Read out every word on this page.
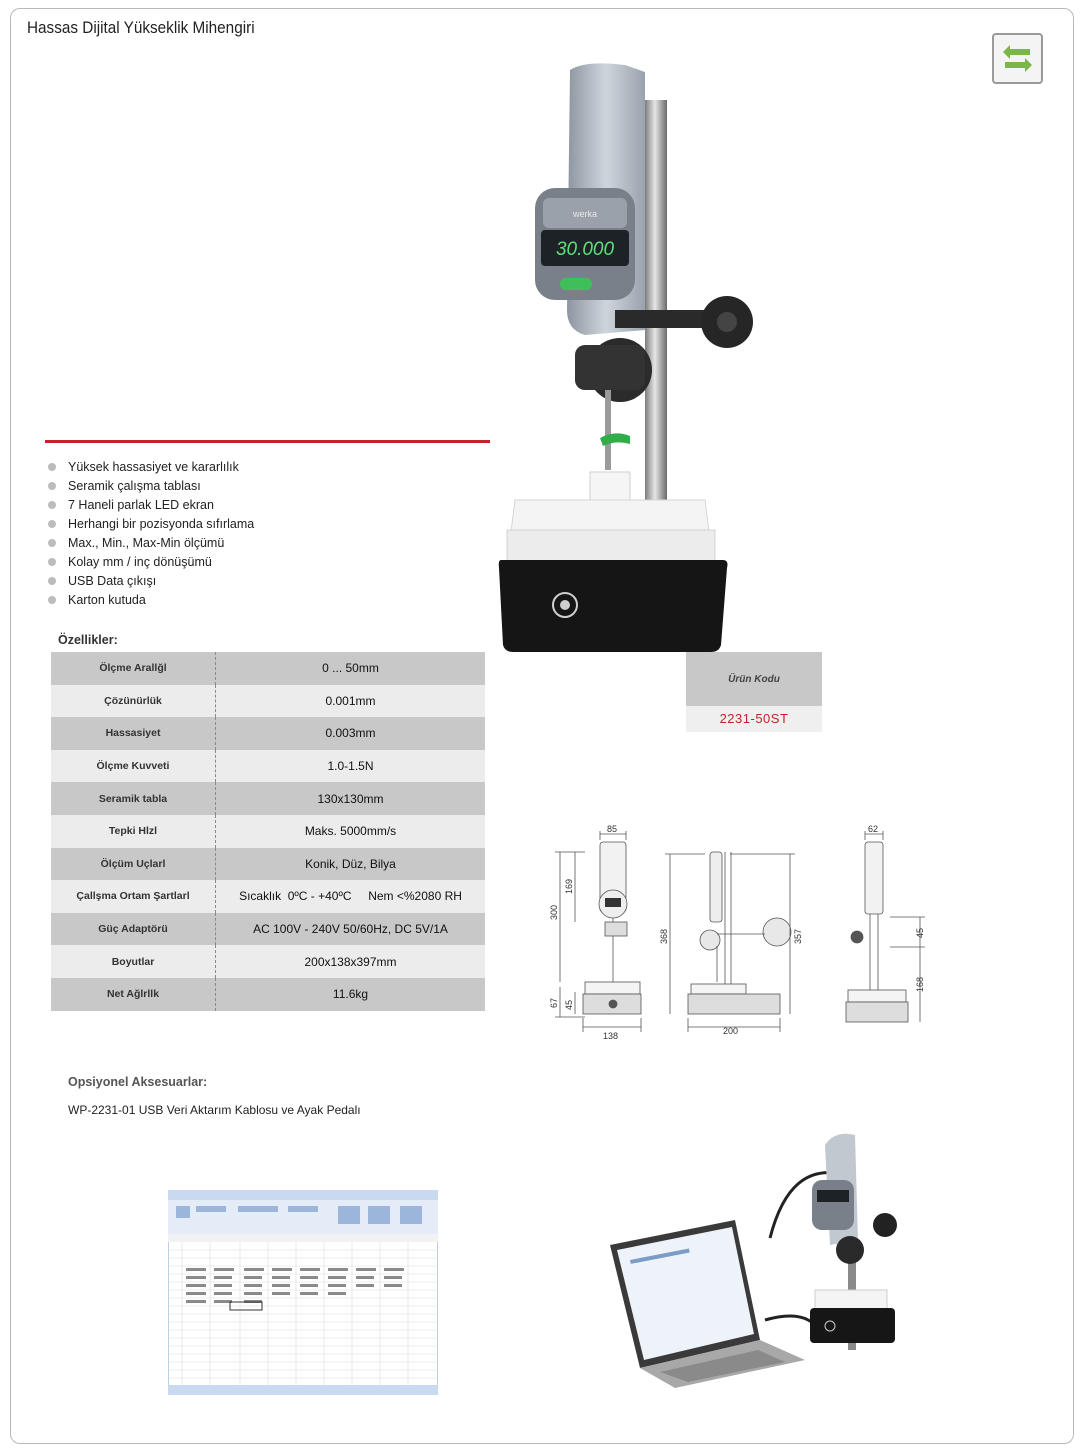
Hassas Dijital Yükseklik Mihengiri
werka
30.000
Yüksek hassasiyet ve kararlılık
Seramik çalışma tablası
7 Haneli parlak LED ekran
Herhangi bir pozisyonda sıfırlama
Max., Min., Max-Min ölçümü
Kolay mm / inç dönüşümü
USB Data çıkışı
Karton kutuda
Özellikler:
Ölçme Arallğl	0 ... 50mm
Çözünürlük	0.001mm
Hassasiyet	0.003mm
Ölçme Kuvveti	1.0-1.5N
Seramik tabla	130x130mm
Tepki Hlzl	Maks. 5000mm/s
Ölçüm Uçlarl	Konik, Düz, Bilya
Çallşma Ortam Şartlarl	Sıcaklık  0ºC - +40ºC     Nem <%2080 RH
Güç Adaptörü	AC 100V - 240V 50/60Hz, DC 5V/1A
Boyutlar	200x138x397mm
Net Ağlrllk	11.6kg
Ürün Kodu
2231-50ST
85
300
169
67 45
138
368	357
200
62
45
168
Opsiyonel Aksesuarlar:
WP-2231-01 USB Veri Aktarım Kablosu ve Ayak Pedalı
